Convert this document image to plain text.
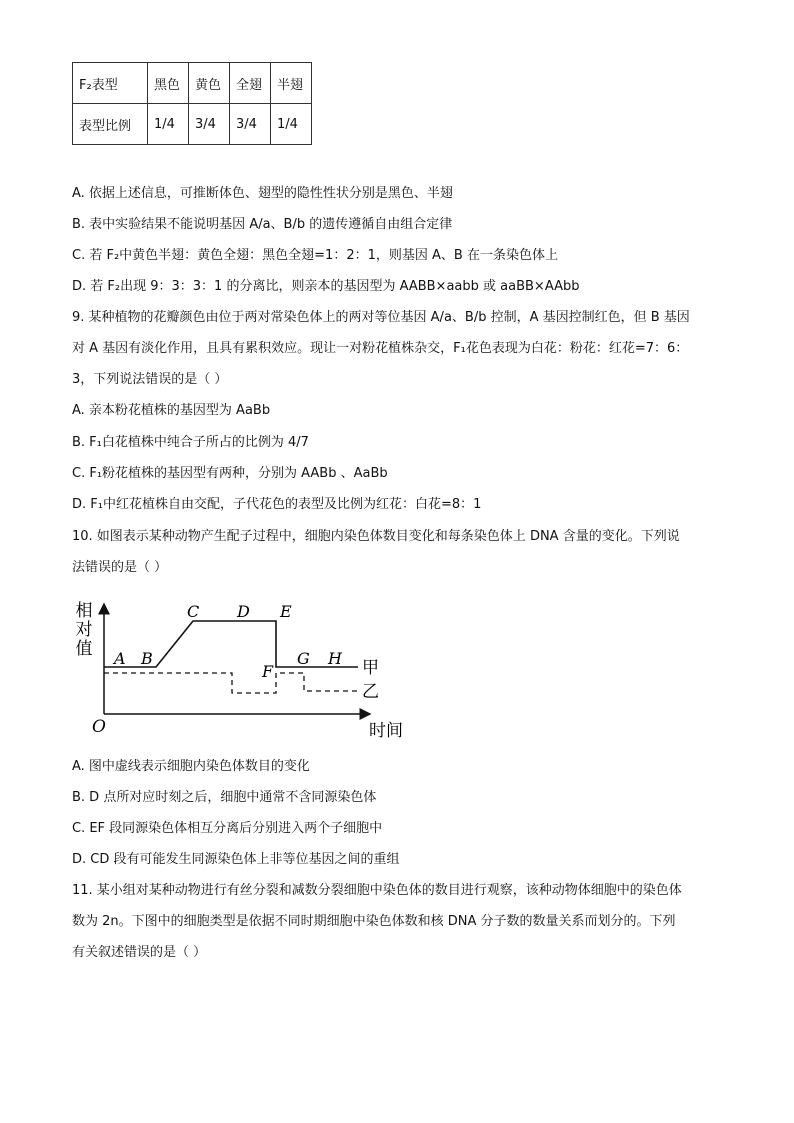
F₂表型	黑色	黄色	全翅	半翅
表型比例	1/4	3/4	3/4	1/4
A. 依据上述信息，可推断体色、翅型的隐性性状分别是黑色、半翅
B. 表中实验结果不能说明基因 A/a、B/b 的遗传遵循自由组合定律
C. 若 F₂中黄色半翅：黄色全翅：黑色全翅=1：2：1，则基因 A、B 在一条染色体上
D. 若 F₂出现 9：3：3：1 的分离比，则亲本的基因型为 AABB×aabb 或 aaBB×AAbb
9. 某种植物的花瓣颜色由位于两对常染色体上的两对等位基因 A/a、B/b 控制，A 基因控制红色，但 B 基因
对 A 基因有淡化作用，且具有累积效应。现让一对粉花植株杂交，F₁花色表现为白花：粉花：红花=7：6：
3，下列说法错误的是（ ）
A. 亲本粉花植株的基因型为 AaBb
B. F₁白花植株中纯合子所占的比例为 4/7
C. F₁粉花植株的基因型有两种，分别为 AABb 、AaBb
D. F₁中红花植株自由交配，子代花色的表型及比例为红花：白花=8：1
10. 如图表示某种动物产生配子过程中，细胞内染色体数目变化和每条染色体上 DNA 含量的变化。下列说
法错误的是（ ）
相对值
O	时间
A B
C D E
F
G H 甲
乙
A. 图中虚线表示细胞内染色体数目的变化
B. D 点所对应时刻之后，细胞中通常不含同源染色体
C. EF 段同源染色体相互分离后分别进入两个子细胞中
D. CD 段有可能发生同源染色体上非等位基因之间的重组
11. 某小组对某种动物进行有丝分裂和减数分裂细胞中染色体的数目进行观察，该种动物体细胞中的染色体
数为 2n。下图中的细胞类型是依据不同时期细胞中染色体数和核 DNA 分子数的数量关系而划分的。下列
有关叙述错误的是（ ）
